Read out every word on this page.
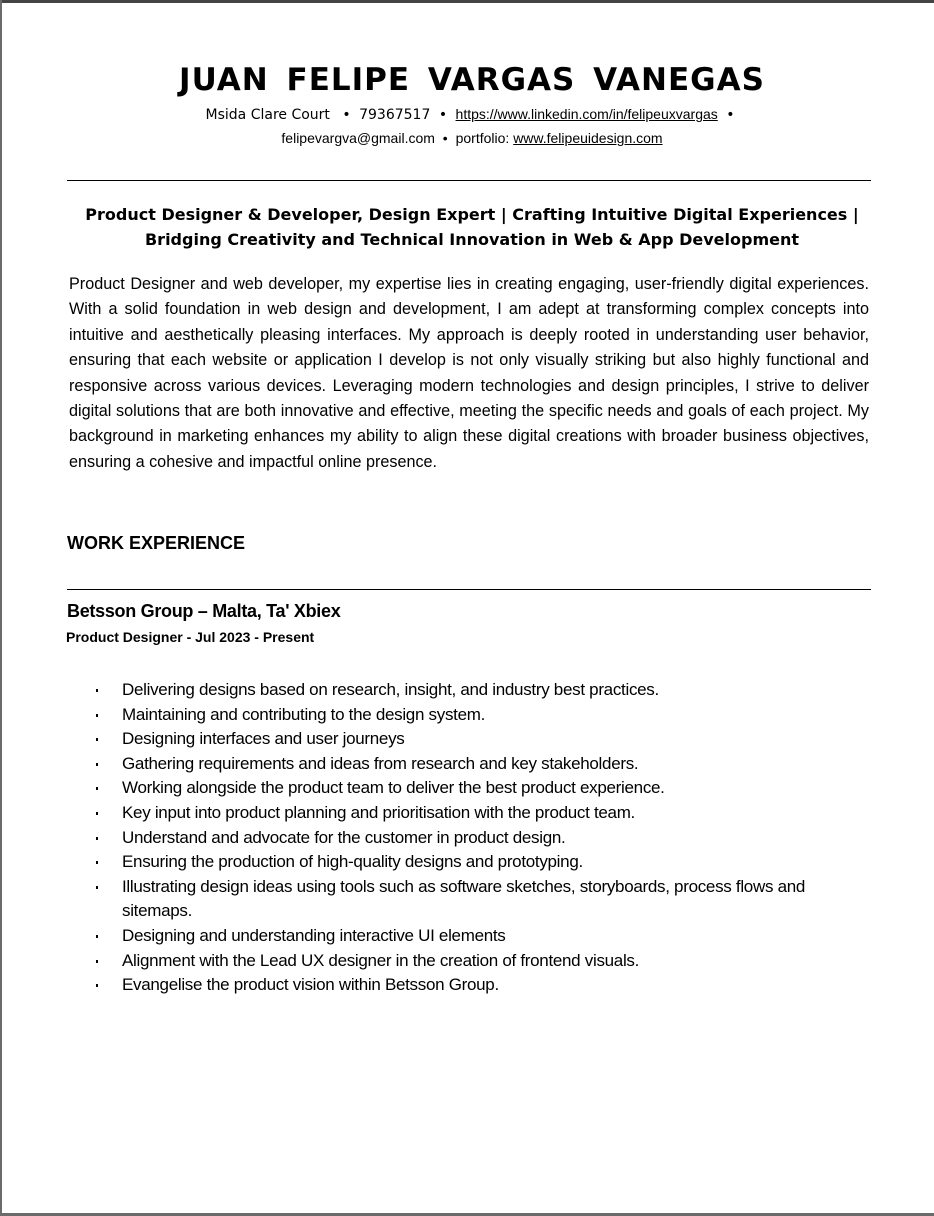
JUAN FELIPE VARGAS VANEGAS
Msida Clare Court • 79367517 • https://www.linkedin.com/in/felipeuxvargas •
felipevargva@gmail.com • portfolio: www.felipeuidesign.com
Product Designer & Developer, Design Expert | Crafting Intuitive Digital Experiences |
Bridging Creativity and Technical Innovation in Web & App Development
Product Designer and web developer, my expertise lies in creating engaging, user-friendly digital experiences. With a solid foundation in web design and development, I am adept at transforming complex concepts into intuitive and aesthetically pleasing interfaces. My approach is deeply rooted in understanding user behavior, ensuring that each website or application I develop is not only visually striking but also highly functional and responsive across various devices. Leveraging modern technologies and design principles, I strive to deliver digital solutions that are both innovative and effective, meeting the specific needs and goals of each project. My background in marketing enhances my ability to align these digital creations with broader business objectives, ensuring a cohesive and impactful online presence.
WORK EXPERIENCE
Betsson Group – Malta, Ta' Xbiex
Product Designer - Jul 2023 - Present
Delivering designs based on research, insight, and industry best practices.
Maintaining and contributing to the design system.
Designing interfaces and user journeys
Gathering requirements and ideas from research and key stakeholders.
Working alongside the product team to deliver the best product experience.
Key input into product planning and prioritisation with the product team.
Understand and advocate for the customer in product design.
Ensuring the production of high-quality designs and prototyping.
Illustrating design ideas using tools such as software sketches, storyboards, process flows and sitemaps.
Designing and understanding interactive UI elements
Alignment with the Lead UX designer in the creation of frontend visuals.
Evangelise the product vision within Betsson Group.
